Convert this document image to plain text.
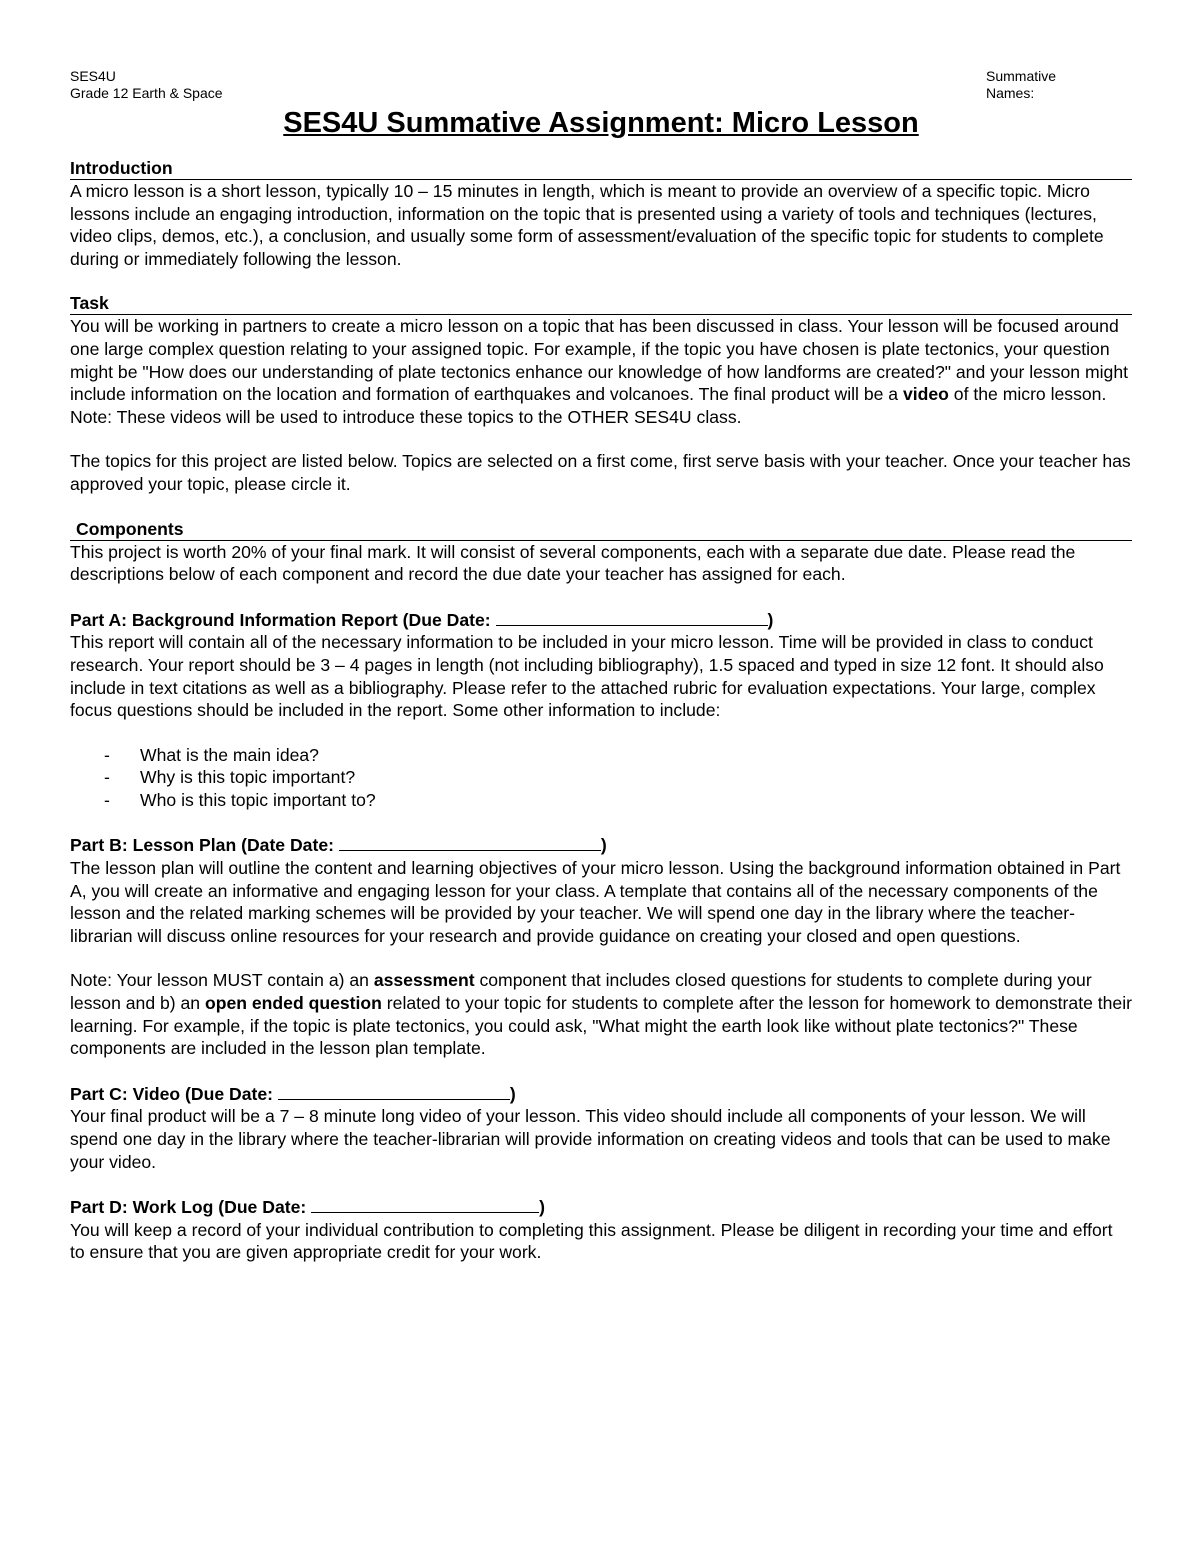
SES4U
Grade 12 Earth & Space
Summative
Names:
SES4U Summative Assignment: Micro Lesson
Introduction

A micro lesson is a short lesson, typically 10 – 15 minutes in length, which is meant to provide an overview of a specific topic. Micro lessons include an engaging introduction, information on the topic that is presented using a variety of tools and techniques (lectures, video clips, demos, etc.), a conclusion, and usually some form of assessment/evaluation of the specific topic for students to complete during or immediately following the lesson.

Task

You will be working in partners to create a micro lesson on a topic that has been discussed in class. Your lesson will be focused around one large complex question relating to your assigned topic. For example, if the topic you have chosen is plate tectonics, your question might be "How does our understanding of plate tectonics enhance our knowledge of how landforms are created?" and your lesson might include information on the location and formation of earthquakes and volcanoes. The final product will be a video of the micro lesson. Note: These videos will be used to introduce these topics to the OTHER SES4U class.

The topics for this project are listed below. Topics are selected on a first come, first serve basis with your teacher. Once your teacher has approved your topic, please circle it.

Components

This project is worth 20% of your final mark. It will consist of several components, each with a separate due date. Please read the descriptions below of each component and record the due date your teacher has assigned for each.

Part A: Background Information Report (Due Date:	)

This report will contain all of the necessary information to be included in your micro lesson. Time will be provided in class to conduct research. Your report should be 3 – 4 pages in length (not including bibliography), 1.5 spaced and typed in size 12 font. It should also include in text citations as well as a bibliography. Please refer to the attached rubric for evaluation expectations. Your large, complex focus questions should be included in the report. Some other information to include:

- What is the main idea?
- Why is this topic important?
- Who is this topic important to?
Part B: Lesson Plan (Date Date:	)

The lesson plan will outline the content and learning objectives of your micro lesson. Using the background information obtained in Part A, you will create an informative and engaging lesson for your class. A template that contains all of the necessary components of the lesson and the related marking schemes will be provided by your teacher. We will spend one day in the library where the teacher-librarian will discuss online resources for your research and provide guidance on creating your closed and open questions.

Note: Your lesson MUST contain a) an assessment component that includes closed questions for students to complete during your lesson and b) an open ended question related to your topic for students to complete after the lesson for homework to demonstrate their learning. For example, if the topic is plate tectonics, you could ask, "What might the earth look like without plate tectonics?" These components are included in the lesson plan template.

Part C: Video (Due Date:	)

Your final product will be a 7 – 8 minute long video of your lesson. This video should include all components of your lesson. We will spend one day in the library where the teacher-librarian will provide information on creating videos and tools that can be used to make your video.

Part D: Work Log (Due Date:	)

You will keep a record of your individual contribution to completing this assignment. Please be diligent in recording your time and effort to ensure that you are given appropriate credit for your work.
